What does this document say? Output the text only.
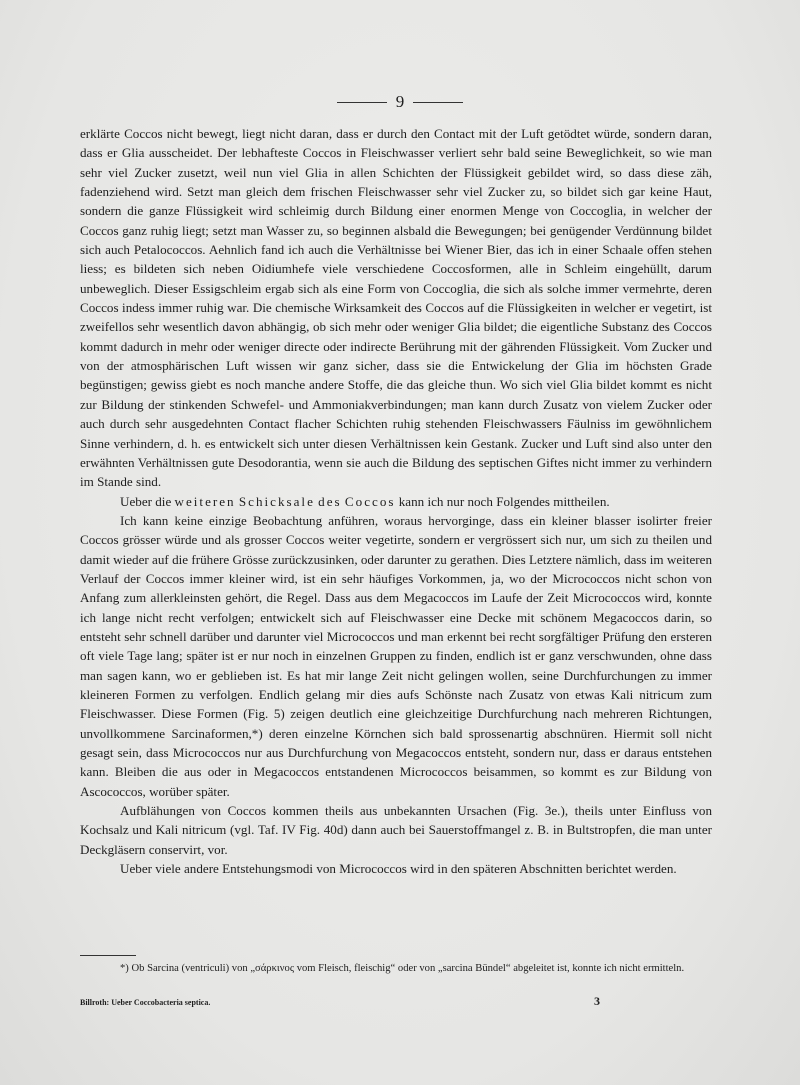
9

erklärte Coccos nicht bewegt, liegt nicht daran, dass er durch den Contact mit der Luft getödtet würde, sondern daran, dass er Glia ausscheidet. Der lebhafteste Coccos in Fleischwasser verliert sehr bald seine Beweglichkeit, so wie man sehr viel Zucker zusetzt, weil nun viel Glia in allen Schichten der Flüssigkeit gebildet wird, so dass diese zäh, fadenziehend wird. Setzt man gleich dem frischen Fleischwasser sehr viel Zucker zu, so bildet sich gar keine Haut, sondern die ganze Flüssigkeit wird schleimig durch Bildung einer enormen Menge von Coccoglia, in welcher der Coccos ganz ruhig liegt; setzt man Wasser zu, so beginnen alsbald die Bewegungen; bei genügender Verdünnung bildet sich auch Petalococcos. Aehnlich fand ich auch die Verhältnisse bei Wiener Bier, das ich in einer Schaale offen stehen liess; es bildeten sich neben Oidiumhefe viele verschiedene Coccosformen, alle in Schleim eingehüllt, darum unbeweglich. Dieser Essigschleim ergab sich als eine Form von Coccoglia, die sich als solche immer vermehrte, deren Coccos indess immer ruhig war. Die chemische Wirksamkeit des Coccos auf die Flüssigkeiten in welcher er vegetirt, ist zweifellos sehr wesentlich davon abhängig, ob sich mehr oder weniger Glia bildet; die eigentliche Substanz des Coccos kommt dadurch in mehr oder weniger directe oder indirecte Berührung mit der gährenden Flüssigkeit. Vom Zucker und von der atmosphärischen Luft wissen wir ganz sicher, dass sie die Entwickelung der Glia im höchsten Grade begünstigen; gewiss giebt es noch manche andere Stoffe, die das gleiche thun. Wo sich viel Glia bildet kommt es nicht zur Bildung der stinkenden Schwefel- und Ammoniakverbindungen; man kann durch Zusatz von vielem Zucker oder auch durch sehr ausgedehnten Contact flacher Schichten ruhig stehenden Fleischwassers Fäulniss im gewöhnlichem Sinne verhindern, d. h. es entwickelt sich unter diesen Verhältnissen kein Gestank. Zucker und Luft sind also unter den erwähnten Verhältnissen gute Desodorantia, wenn sie auch die Bildung des septischen Giftes nicht immer zu verhindern im Stande sind.

Ueber die weiteren Schicksale des Coccos kann ich nur noch Folgendes mittheilen.

Ich kann keine einzige Beobachtung anführen, woraus hervorginge, dass ein kleiner blasser isolirter freier Coccos grösser würde und als grosser Coccos weiter vegetirte, sondern er vergrössert sich nur, um sich zu theilen und damit wieder auf die frühere Grösse zurückzusinken, oder darunter zu gerathen. Dies Letztere nämlich, dass im weiteren Verlauf der Coccos immer kleiner wird, ist ein sehr häufiges Vorkommen, ja, wo der Micrococcos nicht schon von Anfang zum allerkleinsten gehört, die Regel. Dass aus dem Megacoccos im Laufe der Zeit Micrococcos wird, konnte ich lange nicht recht verfolgen; entwickelt sich auf Fleischwasser eine Decke mit schönem Megacoccos darin, so entsteht sehr schnell darüber und darunter viel Micrococcos und man erkennt bei recht sorgfältiger Prüfung den ersteren oft viele Tage lang; später ist er nur noch in einzelnen Gruppen zu finden, endlich ist er ganz verschwunden, ohne dass man sagen kann, wo er geblieben ist. Es hat mir lange Zeit nicht gelingen wollen, seine Durchfurchungen zu immer kleineren Formen zu verfolgen. Endlich gelang mir dies aufs Schönste nach Zusatz von etwas Kali nitricum zum Fleischwasser. Diese Formen (Fig. 5) zeigen deutlich eine gleichzeitige Durchfurchung nach mehreren Richtungen, unvollkommene Sarcinaformen,*) deren einzelne Körnchen sich bald sprossenartig abschnüren. Hiermit soll nicht gesagt sein, dass Micrococcos nur aus Durchfurchung von Megacoccos entsteht, sondern nur, dass er daraus entstehen kann. Bleiben die aus oder in Megacoccos entstandenen Micrococcos beisammen, so kommt es zur Bildung von Ascococcos, worüber später.

Aufblähungen von Coccos kommen theils aus unbekannten Ursachen (Fig. 3e.), theils unter Einfluss von Kochsalz und Kali nitricum (vgl. Taf. IV Fig. 40d) dann auch bei Sauerstoffmangel z. B. in Bultstropfen, die man unter Deckgläsern conservirt, vor.

Ueber viele andere Entstehungsmodi von Micrococcos wird in den späteren Abschnitten berichtet werden.

*) Ob Sarcina (ventriculi) von „σάρκινος vom Fleisch, fleischig“ oder von „sarcina Bündel“ abgeleitet ist, konnte ich nicht ermitteln.

Billroth: Ueber Coccobacteria septica.	3
